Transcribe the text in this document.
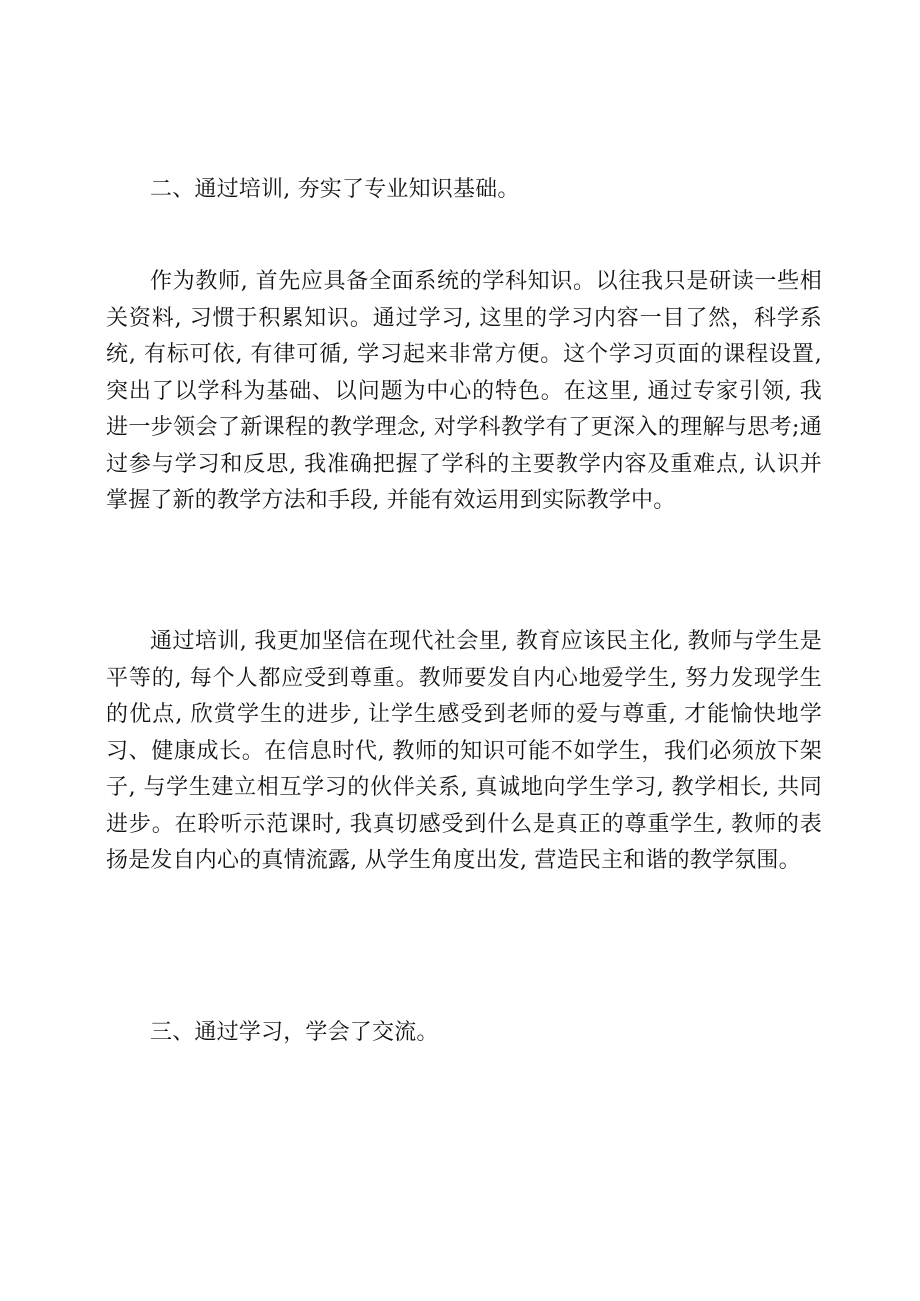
二、通过培训, 夯实了专业知识基础。

作为教师, 首先应具备全面系统的学科知识。以往我只是研读一些相关资料, 习惯于积累知识。通过学习, 这里的学习内容一目了然，科学系统, 有标可依, 有律可循, 学习起来非常方便。这个学习页面的课程设置, 突出了以学科为基础、以问题为中心的特色。在这里, 通过专家引领, 我进一步领会了新课程的教学理念, 对学科教学有了更深入的理解与思考;通过参与学习和反思, 我准确把握了学科的主要教学内容及重难点, 认识并掌握了新的教学方法和手段, 并能有效运用到实际教学中。

通过培训, 我更加坚信在现代社会里, 教育应该民主化, 教师与学生是平等的, 每个人都应受到尊重。教师要发自内心地爱学生, 努力发现学生的优点, 欣赏学生的进步, 让学生感受到老师的爱与尊重, 才能愉快地学习、健康成长。在信息时代, 教师的知识可能不如学生，我们必须放下架子, 与学生建立相互学习的伙伴关系, 真诚地向学生学习, 教学相长, 共同进步。在聆听示范课时, 我真切感受到什么是真正的尊重学生, 教师的表扬是发自内心的真情流露, 从学生角度出发, 营造民主和谐的教学氛围。

三、通过学习，学会了交流。
